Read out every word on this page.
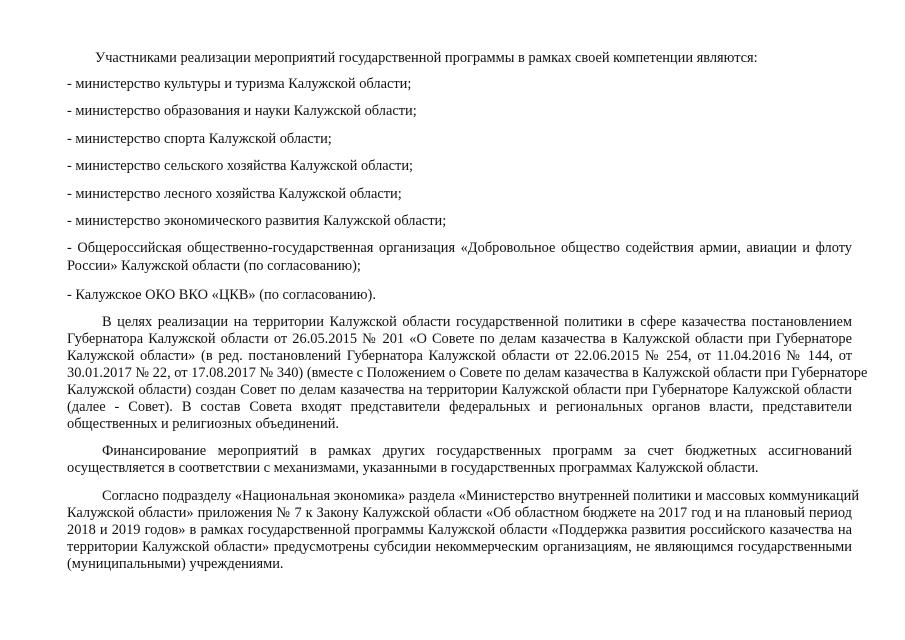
Участниками реализации мероприятий государственной программы в рамках своей компетенции являются:
- министерство культуры и туризма Калужской области;
- министерство образования и науки Калужской области;
- министерство спорта Калужской области;
- министерство сельского хозяйства Калужской области;
- министерство лесного хозяйства Калужской области;
- министерство экономического развития Калужской области;
- Общероссийская общественно-государственная организация «Добровольное общество содействия армии, авиации и флоту
России» Калужской области (по согласованию);
- Калужское ОКО ВКО «ЦКВ» (по согласованию).
В целях реализации на территории Калужской области государственной политики в сфере казачества постановлением
Губернатора Калужской области от 26.05.2015 № 201 «О Совете по делам казачества в Калужской области при Губернаторе
Калужской области» (в ред. постановлений Губернатора Калужской области от 22.06.2015 № 254, от 11.04.2016 № 144, от
30.01.2017 № 22, от 17.08.2017 № 340) (вместе с Положением о Совете по делам казачества в Калужской области при Губернаторе
Калужской области) создан Совет по делам казачества на территории Калужской области при Губернаторе Калужской области
(далее - Совет). В состав Совета входят представители федеральных и региональных органов власти, представители
общественных и религиозных объединений.
Финансирование мероприятий в рамках других государственных программ за счет бюджетных ассигнований
осуществляется в соответствии с механизмами, указанными в государственных программах Калужской области.
Согласно подразделу «Национальная экономика» раздела «Министерство внутренней политики и массовых коммуникаций
Калужской области» приложения № 7 к Закону Калужской области «Об областном бюджете на 2017 год и на плановый период
2018 и 2019 годов» в рамках государственной программы Калужской области «Поддержка развития российского казачества на
территории Калужской области» предусмотрены субсидии некоммерческим организациям, не являющимся государственными
(муниципальными) учреждениями.
